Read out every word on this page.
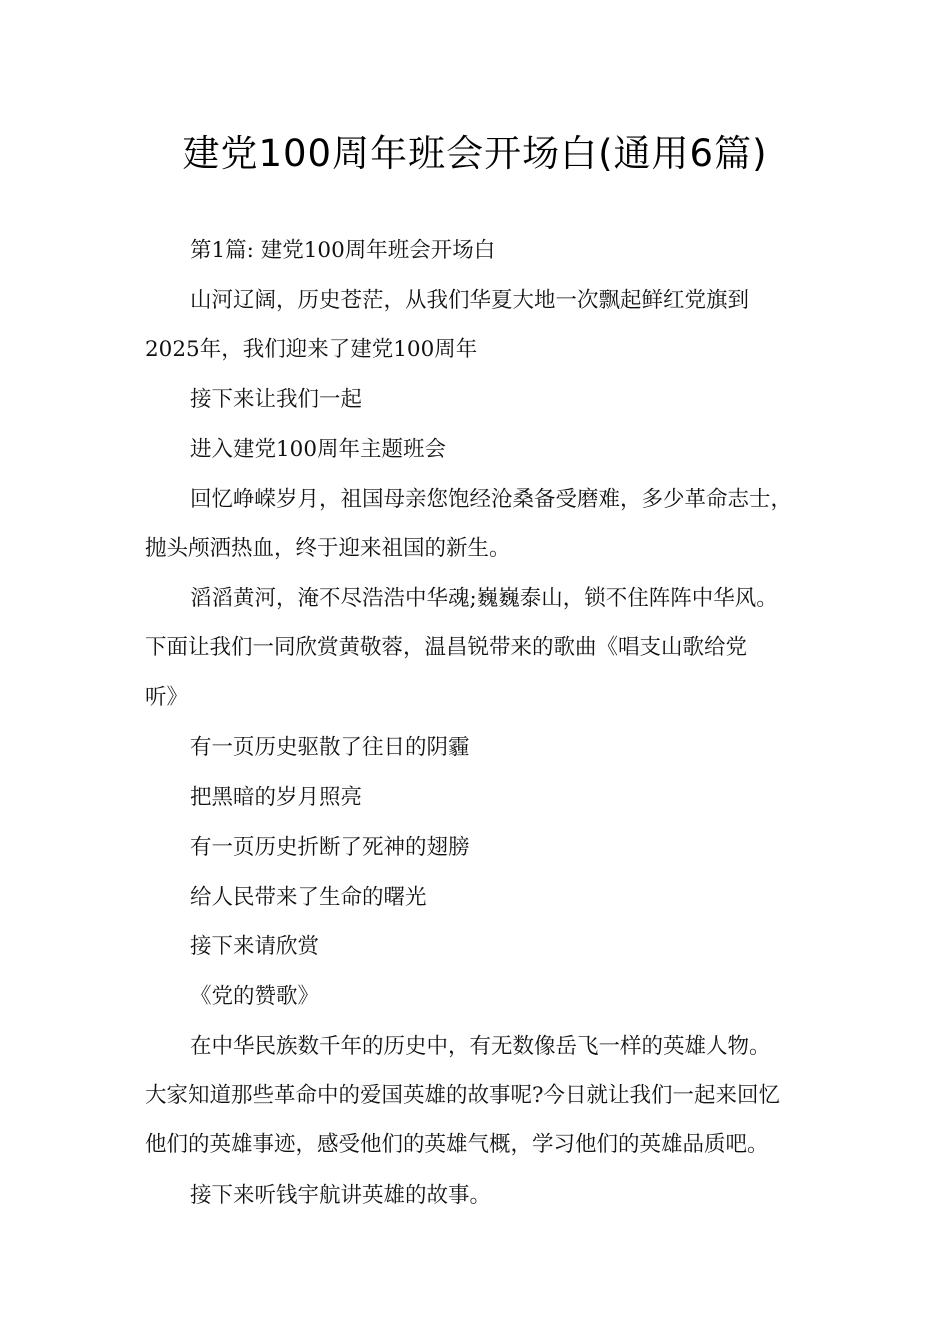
建党100周年班会开场白(通用6篇)

第1篇: 建党100周年班会开场白

山河辽阔，历史苍茫，从我们华夏大地一次飘起鲜红党旗到

2025年，我们迎来了建党100周年

接下来让我们一起

进入建党100周年主题班会

回忆峥嵘岁月，祖国母亲您饱经沧桑备受磨难，多少革命志士，

抛头颅洒热血，终于迎来祖国的新生。

滔滔黄河，淹不尽浩浩中华魂;巍巍泰山，锁不住阵阵中华风。

下面让我们一同欣赏黄敬蓉，温昌锐带来的歌曲《唱支山歌给党

听》

有一页历史驱散了往日的阴霾

把黑暗的岁月照亮

有一页历史折断了死神的翅膀

给人民带来了生命的曙光

接下来请欣赏

《党的赞歌》

在中华民族数千年的历史中，有无数像岳飞一样的英雄人物。

大家知道那些革命中的爱国英雄的故事呢?今日就让我们一起来回忆

他们的英雄事迹，感受他们的英雄气概，学习他们的英雄品质吧。

接下来听钱宇航讲英雄的故事。
